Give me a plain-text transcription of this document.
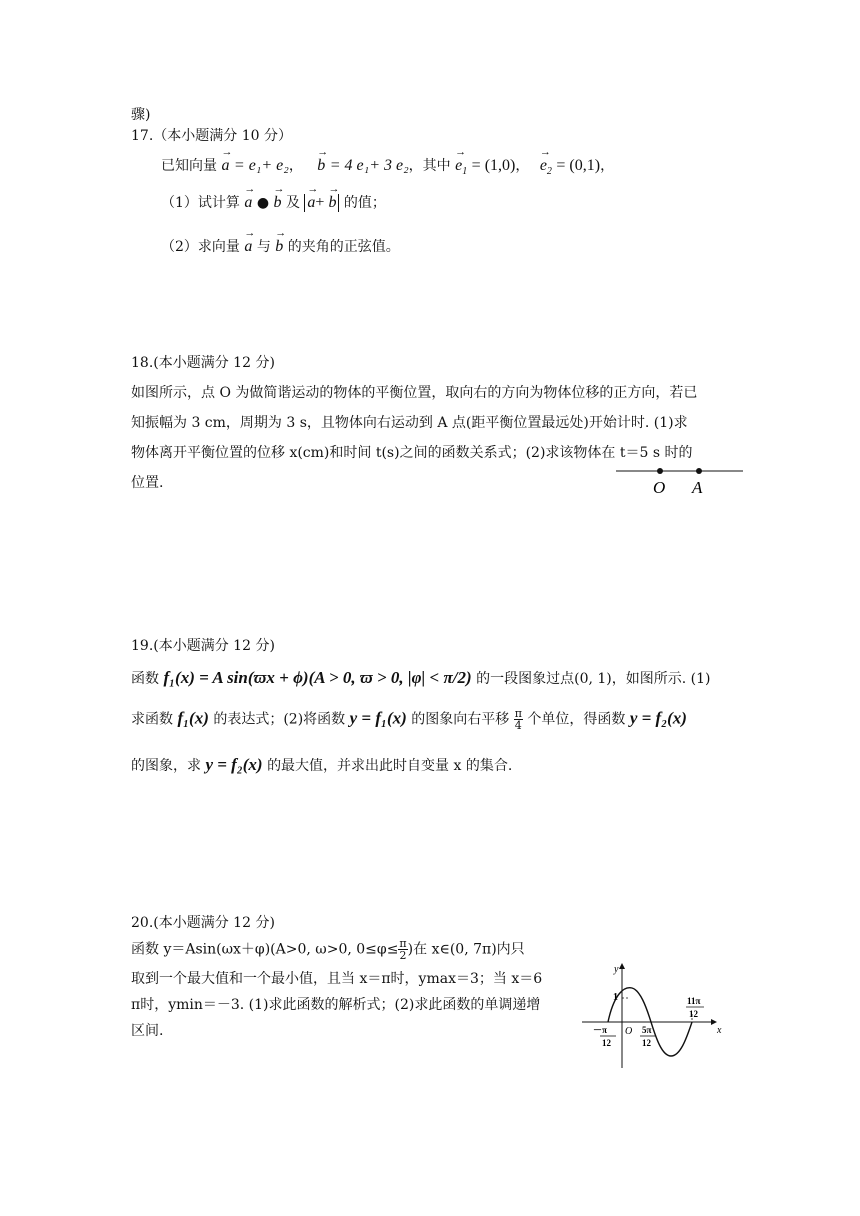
骤)
17.（本小题满分 10 分）
已知向量 → a = e₁+ e₂， → b = 4 e₁+ 3 e₂，其中 → $e_1 = (1,0)$， → $e_2 = (0,1)$，
（1）试计算 → a ● → b 及 → a+ → b 的值；
（2）求向量 → a 与 → b 的夹角的正弦值。
18.(本小题满分 12 分)
如图所示，点 O 为做简谐运动的物体的平衡位置，取向右的方向为物体位移的正方向，若已
知振幅为 3 cm，周期为 3 s，且物体向右运动到 A 点(距平衡位置最远处)开始计时. (1)求
物体离开平衡位置的位移 x(cm)和时间 t(s)之间的函数关系式；(2)求该物体在 t＝5 s 时的
位置.	O A
19.(本小题满分 12 分)
函数 f₁(x) = A sin(ϖx + ϕ)(A > 0, ϖ > 0, |φ| < π/2) 的一段图象过点(0, 1)，如图所示. (1)
求函数 f₁(x) 的表达式；(2)将函数 y = f₁(x) 的图象向右平移 $\frac{\pi}{4}$ 个单位，得函数 y = f₂(x)
的图象，求 y = f₂(x) 的最大值，并求出此时自变量 x 的集合.
20.(本小题满分 12 分)
函数 y＝Asin(ωx＋φ)(A>0, ω>0, $0\le\varphi\le \frac{\pi}{2}$ )在 x∈(0, 7π)内只
取到一个最大值和一个最小值，且当 x＝π时，ymax＝3；当 x＝6
π时，ymin＝－3. (1)求此函数的解析式；(2)求此函数的单调递增
区间.
y
x
1
O
－π
12
5π
12
11π
12
